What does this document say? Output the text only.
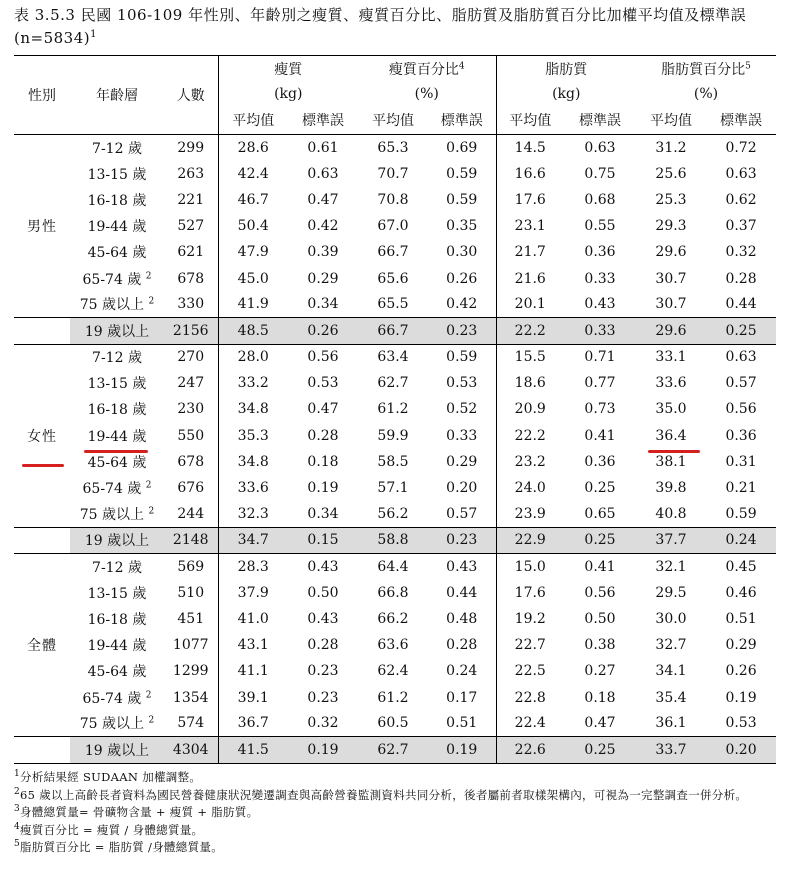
表 3.5.3 民國 106-109 年性別、年齡別之瘦質、瘦質百分比、脂肪質及脂肪質百分比加權平均值及標準誤(n=5834)$^1$
性別	年齡層	人數	瘦質		瘦質百分比$^4$		脂肪質		脂肪質百分比$^5$
			(kg)		(%)		(kg)		(%)	
			平均值	標準誤	平均值	標準誤	平均值	標準誤	平均值	標準誤
男性	7-12 歲	299	28.6	0.61	65.3	0.69	14.5	0.63	31.2	0.72
	13-15 歲	263	42.4	0.63	70.7	0.59	16.6	0.75	25.6	0.63
	16-18 歲	221	46.7	0.47	70.8	0.59	17.6	0.68	25.3	0.62
	19-44 歲	527	50.4	0.42	67.0	0.35	23.1	0.55	29.3	0.37
	45-64 歲	621	47.9	0.39	66.7	0.30	21.7	0.36	29.6	0.32
	65-74 歲 $^2$	678	45.0	0.29	65.6	0.26	21.6	0.33	30.7	0.28
	75 歲以上 $^2$	330	41.9	0.34	65.5	0.42	20.1	0.43	30.7	0.44
	19 歲以上	2156	48.5	0.26	66.7	0.23	22.2	0.33	29.6	0.25
女性	7-12 歲	270	28.0	0.56	63.4	0.59	15.5	0.71	33.1	0.63
	13-15 歲	247	33.2	0.53	62.7	0.53	18.6	0.77	33.6	0.57
	16-18 歲	230	34.8	0.47	61.2	0.52	20.9	0.73	35.0	0.56
	19-44 歲	550	35.3	0.28	59.9	0.33	22.2	0.41	36.4	0.36
	45-64 歲	678	34.8	0.18	58.5	0.29	23.2	0.36	38.1	0.31
	65-74 歲 $^2$	676	33.6	0.19	57.1	0.20	24.0	0.25	39.8	0.21
	75 歲以上 $^2$	244	32.3	0.34	56.2	0.57	23.9	0.65	40.8	0.59
	19 歲以上	2148	34.7	0.15	58.8	0.23	22.9	0.25	37.7	0.24
全體	7-12 歲	569	28.3	0.43	64.4	0.43	15.0	0.41	32.1	0.45
	13-15 歲	510	37.9	0.50	66.8	0.44	17.6	0.56	29.5	0.46
	16-18 歲	451	41.0	0.43	66.2	0.48	19.2	0.50	30.0	0.51
	19-44 歲	1077	43.1	0.28	63.6	0.28	22.7	0.38	32.7	0.29
	45-64 歲	1299	41.1	0.23	62.4	0.24	22.5	0.27	34.1	0.26
	65-74 歲 $^2$	1354	39.1	0.23	61.2	0.17	22.8	0.18	35.4	0.19
	75 歲以上 $^2$	574	36.7	0.32	60.5	0.51	22.4	0.47	36.1	0.53
	19 歲以上	4304	41.5	0.19	62.7	0.19	22.6	0.25	33.7	0.20
$^1$分析結果經 SUDAAN 加權調整。
$^2$65 歲以上高齡長者資料為國民營養健康狀況變遷調查與高齡營養監測資料共同分析，後者屬前者取樣架構內，可視為一完整調查一併分析。
$^3$身體總質量= 骨礦物含量 + 瘦質 + 脂肪質。
$^4$瘦質百分比 = 瘦質 / 身體總質量。
$^5$脂肪質百分比 = 脂肪質 /身體總質量。
